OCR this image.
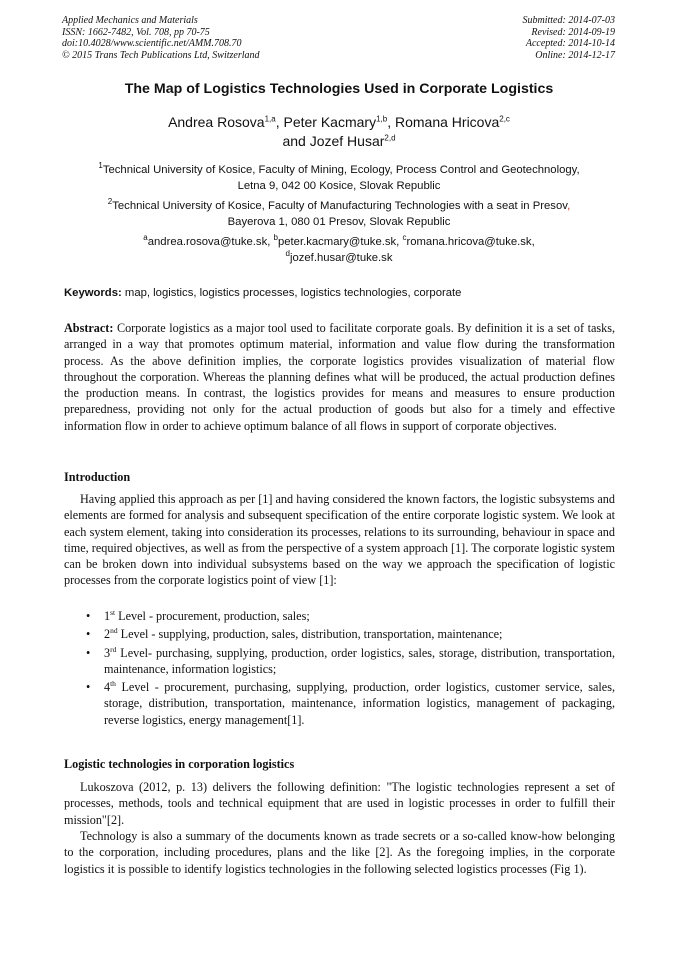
Applied Mechanics and Materials
ISSN: 1662-7482, Vol. 708, pp 70-75
doi:10.4028/www.scientific.net/AMM.708.70
© 2015 Trans Tech Publications Ltd, Switzerland
Submitted: 2014-07-03
Revised: 2014-09-19
Accepted: 2014-10-14
Online: 2014-12-17
The Map of Logistics Technologies Used in Corporate Logistics
Andrea Rosova$^{1,a}$, Peter Kacmary$^{1,b}$, Romana Hricova$^{2,c}$
and Jozef Husar$^{2,d}$
$^1$Technical University of Kosice, Faculty of Mining, Ecology, Process Control and Geotechnology,
Letna 9, 042 00 Kosice, Slovak Republic
$^2$Technical University of Kosice, Faculty of Manufacturing Technologies with a seat in Presov,
Bayerova 1, 080 01 Presov, Slovak Republic
$^a$andrea.rosova@tuke.sk, $^b$peter.kacmary@tuke.sk, $^c$romana.hricova@tuke.sk,
$^d$jozef.husar@tuke.sk
Keywords: map, logistics, logistics processes, logistics technologies, corporate
Abstract: Corporate logistics as a major tool used to facilitate corporate goals. By definition it is a set of tasks, arranged in a way that promotes optimum material, information and value flow during the transformation process. As the above definition implies, the corporate logistics provides visualization of material flow throughout the corporation. Whereas the planning defines what will be produced, the actual production defines the production means. In contrast, the logistics provides for means and measures to ensure production preparedness, providing not only for the actual production of goods but also for a timely and effective information flow in order to achieve optimum balance of all flows in support of corporate objectives.
Introduction
Having applied this approach as per [1] and having considered the known factors, the logistic subsystems and elements are formed for analysis and subsequent specification of the entire corporate logistic system. We look at each system element, taking into consideration its processes, relations to its surrounding, behaviour in space and time, required objectives, as well as from the perspective of a system approach [1]. The corporate logistic system can be broken down into individual subsystems based on the way we approach the specification of logistic processes from the corporate logistics point of view [1]:
• 1st Level - procurement, production, sales;
• 2nd Level - supplying, production, sales, distribution, transportation, maintenance;
• 3rd Level- purchasing, supplying, production, order logistics, sales, storage, distribution, transportation, maintenance, information logistics;
• 4th Level - procurement, purchasing, supplying, production, order logistics, customer service, sales, storage, distribution, transportation, maintenance, information logistics, management of packaging, reverse logistics, energy management[1].
Logistic technologies in corporation logistics
Lukoszova (2012, p. 13) delivers the following definition: "The logistic technologies represent a set of processes, methods, tools and technical equipment that are used in logistic processes in order to fulfill their mission"[2].
Technology is also a summary of the documents known as trade secrets or a so-called know-how belonging to the corporation, including procedures, plans and the like [2]. As the foregoing implies, in the corporate logistics it is possible to identify logistics technologies in the following selected logistics processes (Fig 1).
